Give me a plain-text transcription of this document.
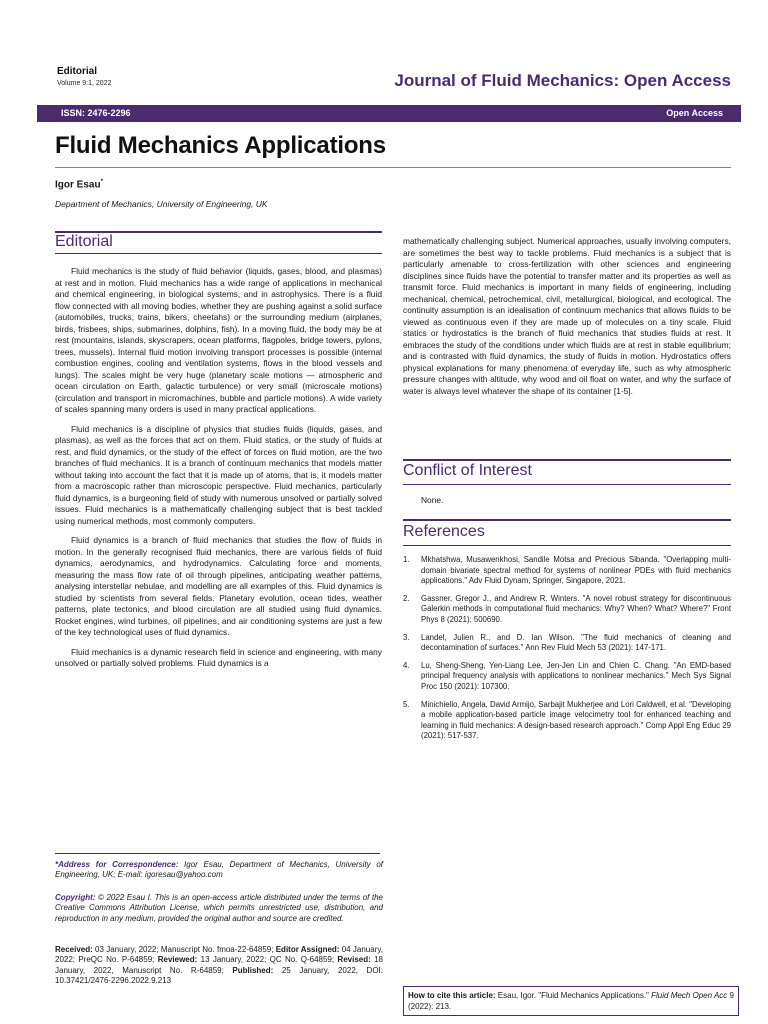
Editorial
Volume 9:1, 2022	Journal of Fluid Mechanics: Open Access
ISSN: 2476-2296	Open Access
Fluid Mechanics Applications
Igor Esau*
Department of Mechanics, University of Engineering, UK
Editorial

Fluid mechanics is the study of fluid behavior (liquids, gases, blood, and plasmas) at rest and in motion. Fluid mechanics has a wide range of applications in mechanical and chemical engineering, in biological systems, and in astrophysics. There is a fluid flow connected with all moving bodies, whether they are pushing against a solid surface (automobiles, trucks, trains, bikers, cheetahs) or the surrounding medium (airplanes, birds, frisbees, ships, submarines, dolphins, fish). In a moving fluid, the body may be at rest (mountains, islands, skyscrapers, ocean platforms, flagpoles, bridge towers, pylons, trees, mussels). Internal fluid motion involving transport processes is possible (internal combustion engines, cooling and ventilation systems, flows in the blood vessels and lungs). The scales might be very huge (planetary scale motions — atmospheric and ocean circulation on Earth, galactic turbulence) or very small (microscale motions) (circulation and transport in micromachines, bubble and particle motions). A wide variety of scales spanning many orders is used in many practical applications.

Fluid mechanics is a discipline of physics that studies fluids (liquids, gases, and plasmas), as well as the forces that act on them. Fluid statics, or the study of fluids at rest, and fluid dynamics, or the study of the effect of forces on fluid motion, are the two branches of fluid mechanics. It is a branch of continuum mechanics that models matter without taking into account the fact that it is made up of atoms, that is, it models matter from a macroscopic rather than microscopic perspective. Fluid mechanics, particularly fluid dynamics, is a burgeoning field of study with numerous unsolved or partially solved issues. Fluid mechanics is a mathematically challenging subject that is best tackled using numerical methods, most commonly computers.

Fluid dynamics is a branch of fluid mechanics that studies the flow of fluids in motion. In the generally recognised fluid mechanics, there are various fields of fluid dynamics, aerodynamics, and hydrodynamics. Calculating force and moments, measuring the mass flow rate of oil through pipelines, anticipating weather patterns, analysing interstellar nebulae, and modelling are all examples of this. Fluid dynamics is studied by scientists from several fields. Planetary evolution, ocean tides, weather patterns, plate tectonics, and blood circulation are all studied using fluid dynamics. Rocket engines, wind turbines, oil pipelines, and air conditioning systems are just a few of the key technological uses of fluid dynamics.

Fluid mechanics is a dynamic research field in science and engineering, with many unsolved or partially solved problems. Fluid dynamics is a

mathematically challenging subject. Numerical approaches, usually involving computers, are sometimes the best way to tackle problems. Fluid mechanics is a subject that is particularly amenable to cross-fertilization with other sciences and engineering disciplines since fluids have the potential to transfer matter and its properties as well as transmit force. Fluid mechanics is important in many fields of engineering, including mechanical, chemical, petrochemical, civil, metallurgical, biological, and ecological. The continuity assumption is an idealisation of continuum mechanics that allows fluids to be viewed as continuous even if they are made up of molecules on a tiny scale. Fluid statics or hydrostatics is the branch of fluid mechanics that studies fluids at rest. It embraces the study of the conditions under which fluids are at rest in stable equilibrium; and is contrasted with fluid dynamics, the study of fluids in motion. Hydrostatics offers physical explanations for many phenomena of everyday life, such as why atmospheric pressure changes with altitude, why wood and oil float on water, and why the surface of water is always level whatever the shape of its container [1-5].

Conflict of Interest
None.
References
1. Mkhatshwa, Musawenkhosi, Sandile Motsa and Precious Sibanda. "Overlapping multi-domain bivariate spectral method for systems of nonlinear PDEs with fluid mechanics applications." Adv Fluid Dynam, Springer, Singapore, 2021.
2. Gassner, Gregor J., and Andrew R. Winters. "A novel robust strategy for discontinuous Galerkin methods in computational fluid mechanics: Why? When? What? Where?" Front Phys 8 (2021): 500690.
3. Landel, Julien R., and D. Ian Wilson. "The fluid mechanics of cleaning and decontamination of surfaces." Ann Rev Fluid Mech 53 (2021): 147-171.
4. Lu, Sheng-Sheng, Yen-Liang Lee, Jen-Jen Lin and Chien C. Chang. "An EMD-based principal frequency analysis with applications to nonlinear mechanics." Mech Sys Signal Proc 150 (2021): 107300.
5. Minichiello, Angela, David Armijo, Sarbajit Mukherjee and Lori Caldwell, et al. "Developing a mobile application-based particle image velocimetry tool for enhanced teaching and learning in fluid mechanics: A design-based research approach." Comp Appl Eng Educ 29 (2021): 517-537.
*Address for Correspondence: Igor Esau, Department of Mechanics, University of Engineering, UK; E-mail: igoresau@yahoo.com
Copyright: © 2022 Esau I. This is an open-access article distributed under the terms of the Creative Commons Attribution License, which permits unrestricted use, distribution, and reproduction in any medium, provided the original author and source are credited.
Received: 03 January, 2022; Manuscript No. fmoa-22-64859; Editor Assigned: 04 January, 2022; PreQC No. P-64859; Reviewed: 13 January, 2022; QC No. Q-64859; Revised: 18 January, 2022, Manuscript No. R-64859; Published: 25 January, 2022, DOI: 10.37421/2476-2296.2022.9.213
How to cite this article: Esau, Igor. "Fluid Mechanics Applications." Fluid Mech Open Acc 9 (2022): 213.
